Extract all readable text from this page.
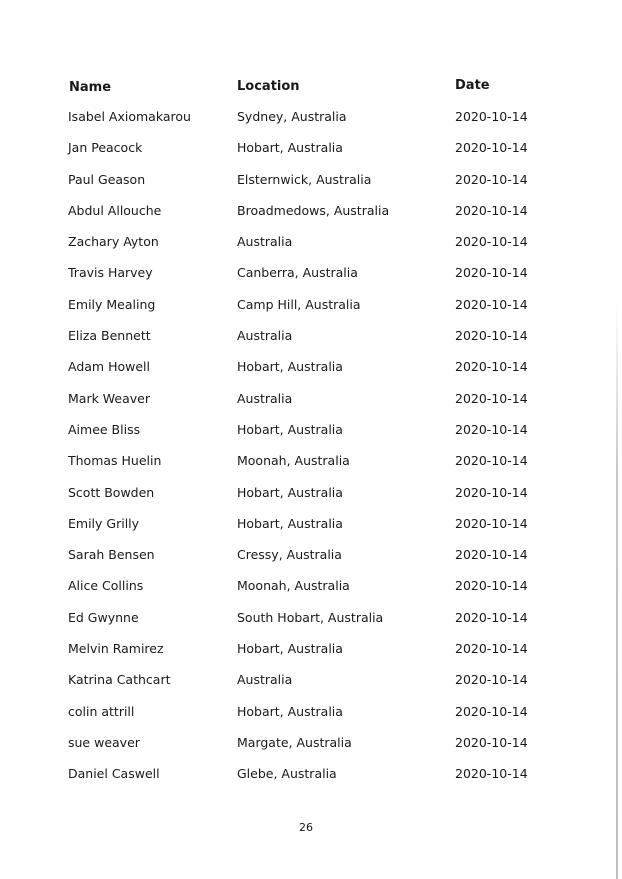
Name	Location	Date
Isabel Axiomakarou	Sydney, Australia	2020-10-14
Jan Peacock	Hobart, Australia	2020-10-14
Paul Geason	Elsternwick, Australia	2020-10-14
Abdul Allouche	Broadmedows, Australia	2020-10-14
Zachary Ayton	Australia	2020-10-14
Travis Harvey	Canberra, Australia	2020-10-14
Emily Mealing	Camp Hill, Australia	2020-10-14
Eliza Bennett	Australia	2020-10-14
Adam Howell	Hobart, Australia	2020-10-14
Mark Weaver	Australia	2020-10-14
Aimee Bliss	Hobart, Australia	2020-10-14
Thomas Huelin	Moonah, Australia	2020-10-14
Scott Bowden	Hobart, Australia	2020-10-14
Emily Grilly	Hobart, Australia	2020-10-14
Sarah Bensen	Cressy, Australia	2020-10-14
Alice Collins	Moonah, Australia	2020-10-14
Ed Gwynne	South Hobart, Australia	2020-10-14
Melvin Ramirez	Hobart, Australia	2020-10-14
Katrina Cathcart	Australia	2020-10-14
colin attrill	Hobart, Australia	2020-10-14
sue weaver	Margate, Australia	2020-10-14
Daniel Caswell	Glebe, Australia	2020-10-14
26
